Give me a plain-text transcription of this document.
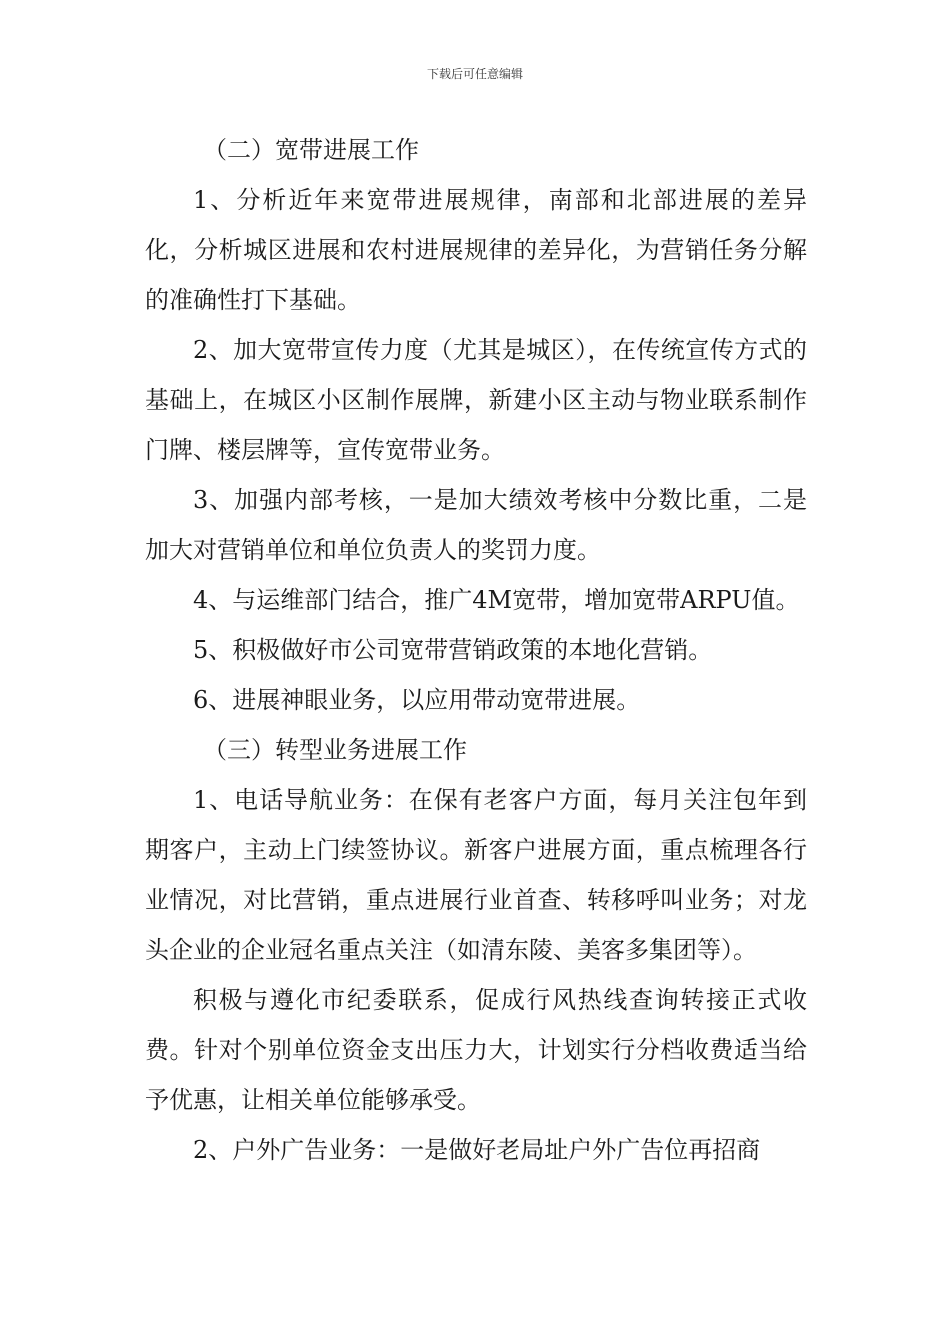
下载后可任意编辑

（二）宽带进展工作

1、分析近年来宽带进展规律，南部和北部进展的差异化，分析城区进展和农村进展规律的差异化，为营销任务分解的准确性打下基础。

2、加大宽带宣传力度（尤其是城区），在传统宣传方式的基础上，在城区小区制作展牌，新建小区主动与物业联系制作门牌、楼层牌等，宣传宽带业务。

3、加强内部考核，一是加大绩效考核中分数比重，二是加大对营销单位和单位负责人的奖罚力度。

4、与运维部门结合，推广4M宽带，增加宽带ARPU值。

5、积极做好市公司宽带营销政策的本地化营销。

6、进展神眼业务，以应用带动宽带进展。

（三）转型业务进展工作

1、电话导航业务：在保有老客户方面，每月关注包年到期客户，主动上门续签协议。新客户进展方面，重点梳理各行业情况，对比营销，重点进展行业首查、转移呼叫业务；对龙头企业的企业冠名重点关注（如清东陵、美客多集团等）。

积极与遵化市纪委联系，促成行风热线查询转接正式收费。针对个别单位资金支出压力大，计划实行分档收费适当给予优惠，让相关单位能够承受。

2、户外广告业务：一是做好老局址户外广告位再招商
